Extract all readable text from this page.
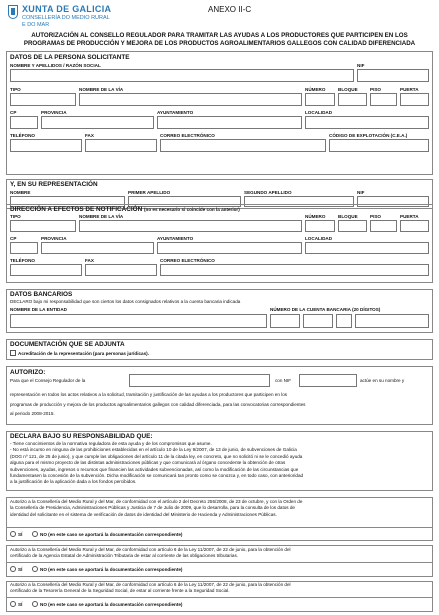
XUNTA DE GALICIA
CONSELLERÍA DO MEDIO RURAL
E DO MAR
ANEXO II-C
AUTORIZACIÓN AL CONSELLO REGULADOR PARA TRAMITAR LAS AYUDAS A LOS PRODUCTORES QUE PARTICIPEN EN LOS
PROGRAMAS DE PRODUCCIÓN Y MEJORA DE LOS PRODUCTOS AGROALIMENTARIOS GALLEGOS CON CALIDAD DIFERENCIADA
DATOS DE LA PERSONA SOLICITANTE
NOMBRE Y APELLIDOS / RAZÓN SOCIAL	NIF
TIPO	NOMBRE DE LA VÍA	NÚMERO	BLOQUE	PISO	PUERTA
CP	PROVINCIA	AYUNTAMIENTO	LOCALIDAD
TELÉFONO	FAX	CORREO ELECTRÓNICO	CÓDIGO DE EXPLOTACIÓN (C.E.A.)
Y, EN SU REPRESENTACIÓN
NOMBRE	PRIMER APELLIDO	SEGUNDO APELLIDO	NIF
DIRECCIÓN A EFECTOS DE NOTIFICACIÓN (no es necesario si coincide con la anterior)
TIPO	NOMBRE DE LA VÍA	NÚMERO	BLOQUE	PISO	PUERTA
CP	PROVINCIA	AYUNTAMIENTO	LOCALIDAD
TELÉFONO	FAX	CORREO ELECTRÓNICO
DATOS BANCARIOS
DECLARO bajo mi responsabilidad que son ciertos los datos consignados relativos a la cuenta bancaria indicada
NOMBRE DE LA ENTIDAD	NÚMERO DE LA CUENTA BANCARIA (20 DÍGITOS)
DOCUMENTACIÓN QUE SE ADJUNTA
Acreditación de la representación (para personas jurídicas).
AUTORIZO:
Para que el Consejo Regulador de la	con NIF	actúe en su nombre y
representación en todos los actos relativos a la solicitud, tramitación y justificación de las ayudas a los productores que participen en los
programas de producción y mejora de los productos agroalimentarios gallegos con calidad diferenciada, para las convocatorias correspondientes
al periodo 2008-2015.
DECLARA BAJO SU RESPONSABILIDAD QUE:
- Tiene conocimientos de la normativa reguladora de esta ayuda y de los compromisos que asume.
- No está incurso en ninguna de las prohibiciones establecidas en el artículo 10 de la Ley 9/2007, de 13 de junio, de subvenciones de Galicia
(DOG nº 121, de 25 de junio), y que cumple las obligaciones del artículo 11 de la citada ley, en concreto, que no solicitó ni se le concedió ayuda
alguna para el mismo proyecto de las distintas administraciones públicas y que comunicará al órgano concedente la obtención de otras
subvenciones, ayudas, ingresos o recursos que financien las actividades subvencionadas, así como la modificación de las circunstancias que
fundamentasen la concesión de la subvención. Dicha modificación se comunicará tan pronto como se conozca y, en todo caso, con anterioridad
a la justificación de la aplicación dada a los fondos percibidos.
Autorizo a la Consellería del Medio Rural y del Mar, de conformidad con el artículo 2 del Decreto 255/2008, de 23 de octubre, y con la Orden de
la Consellería de Presidencia, Administraciones Públicas y Justicia de 7 de Julio de 2009, que lo desarrolla, para la consulta de los datos de
identidad del solicitante en el sistema de verificación de datos de identidad del Ministerio de Hacienda y Administraciones Públicas.
SÍ	NO (en este caso se aportará la documentación correspondiente)
Autorizo a la Consellería del Medio Rural y del Mar, de conformidad con artículo 6 de la Ley 11/2007, de 22 de junio, para la obtención del
certificado de la Agencia Estatal de Administración Tributaria de estar al corriente de las obligaciones tributarias.
SÍ	NO (en este caso se aportará la documentación correspondiente)
Autorizo a la Consellería del Medio Rural y del Mar, de conformidad con artículo 6 de la Ley 11/2007, de 22 de junio, para la obtención del
certificado de la Tesorería General de la Seguridad Social, de estar al corriente frente a la Seguridad Social.
SÍ	NO (en este caso se aportará la documentación correspondiente)
